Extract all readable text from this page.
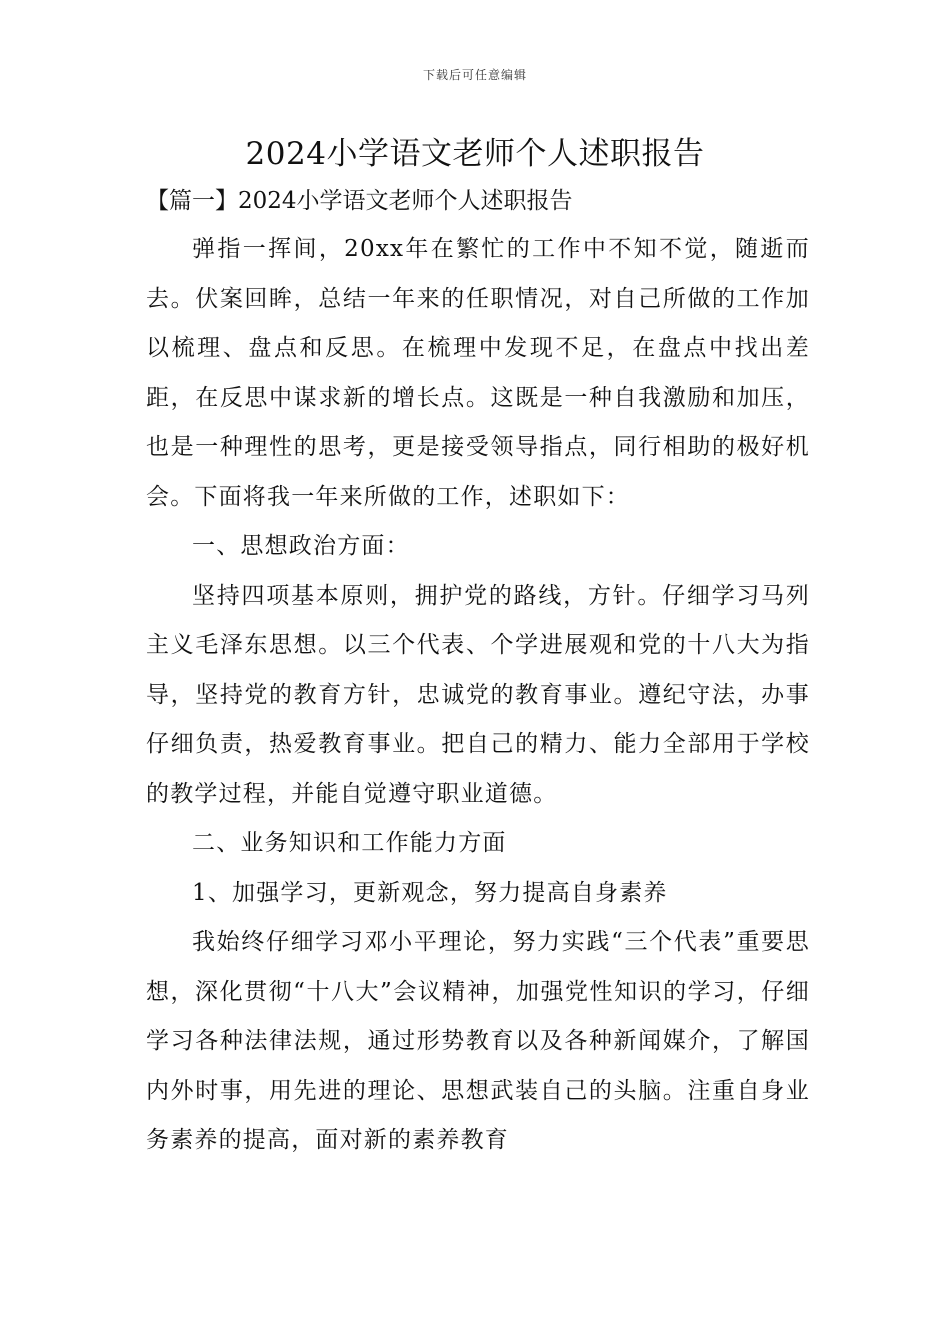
下载后可任意编辑
2024小学语文老师个人述职报告
【篇一】2024小学语文老师个人述职报告

弹指一挥间，20xx年在繁忙的工作中不知不觉，随逝而去。伏案回眸，总结一年来的任职情况，对自己所做的工作加以梳理、盘点和反思。在梳理中发现不足，在盘点中找出差距，在反思中谋求新的增长点。这既是一种自我激励和加压，也是一种理性的思考，更是接受领导指点，同行相助的极好机会。下面将我一年来所做的工作，述职如下：

一、思想政治方面：

坚持四项基本原则，拥护党的路线，方针。仔细学习马列主义毛泽东思想。以三个代表、个学进展观和党的十八大为指导，坚持党的教育方针，忠诚党的教育事业。遵纪守法，办事仔细负责，热爱教育事业。把自己的精力、能力全部用于学校的教学过程，并能自觉遵守职业道德。

二、业务知识和工作能力方面

1、加强学习，更新观念，努力提高自身素养

我始终仔细学习邓小平理论，努力实践“三个代表”重要思想，深化贯彻“十八大”会议精神，加强党性知识的学习，仔细学习各种法律法规，通过形势教育以及各种新闻媒介，了解国内外时事，用先进的理论、思想武装自己的头脑。注重自身业务素养的提高，面对新的素养教育
